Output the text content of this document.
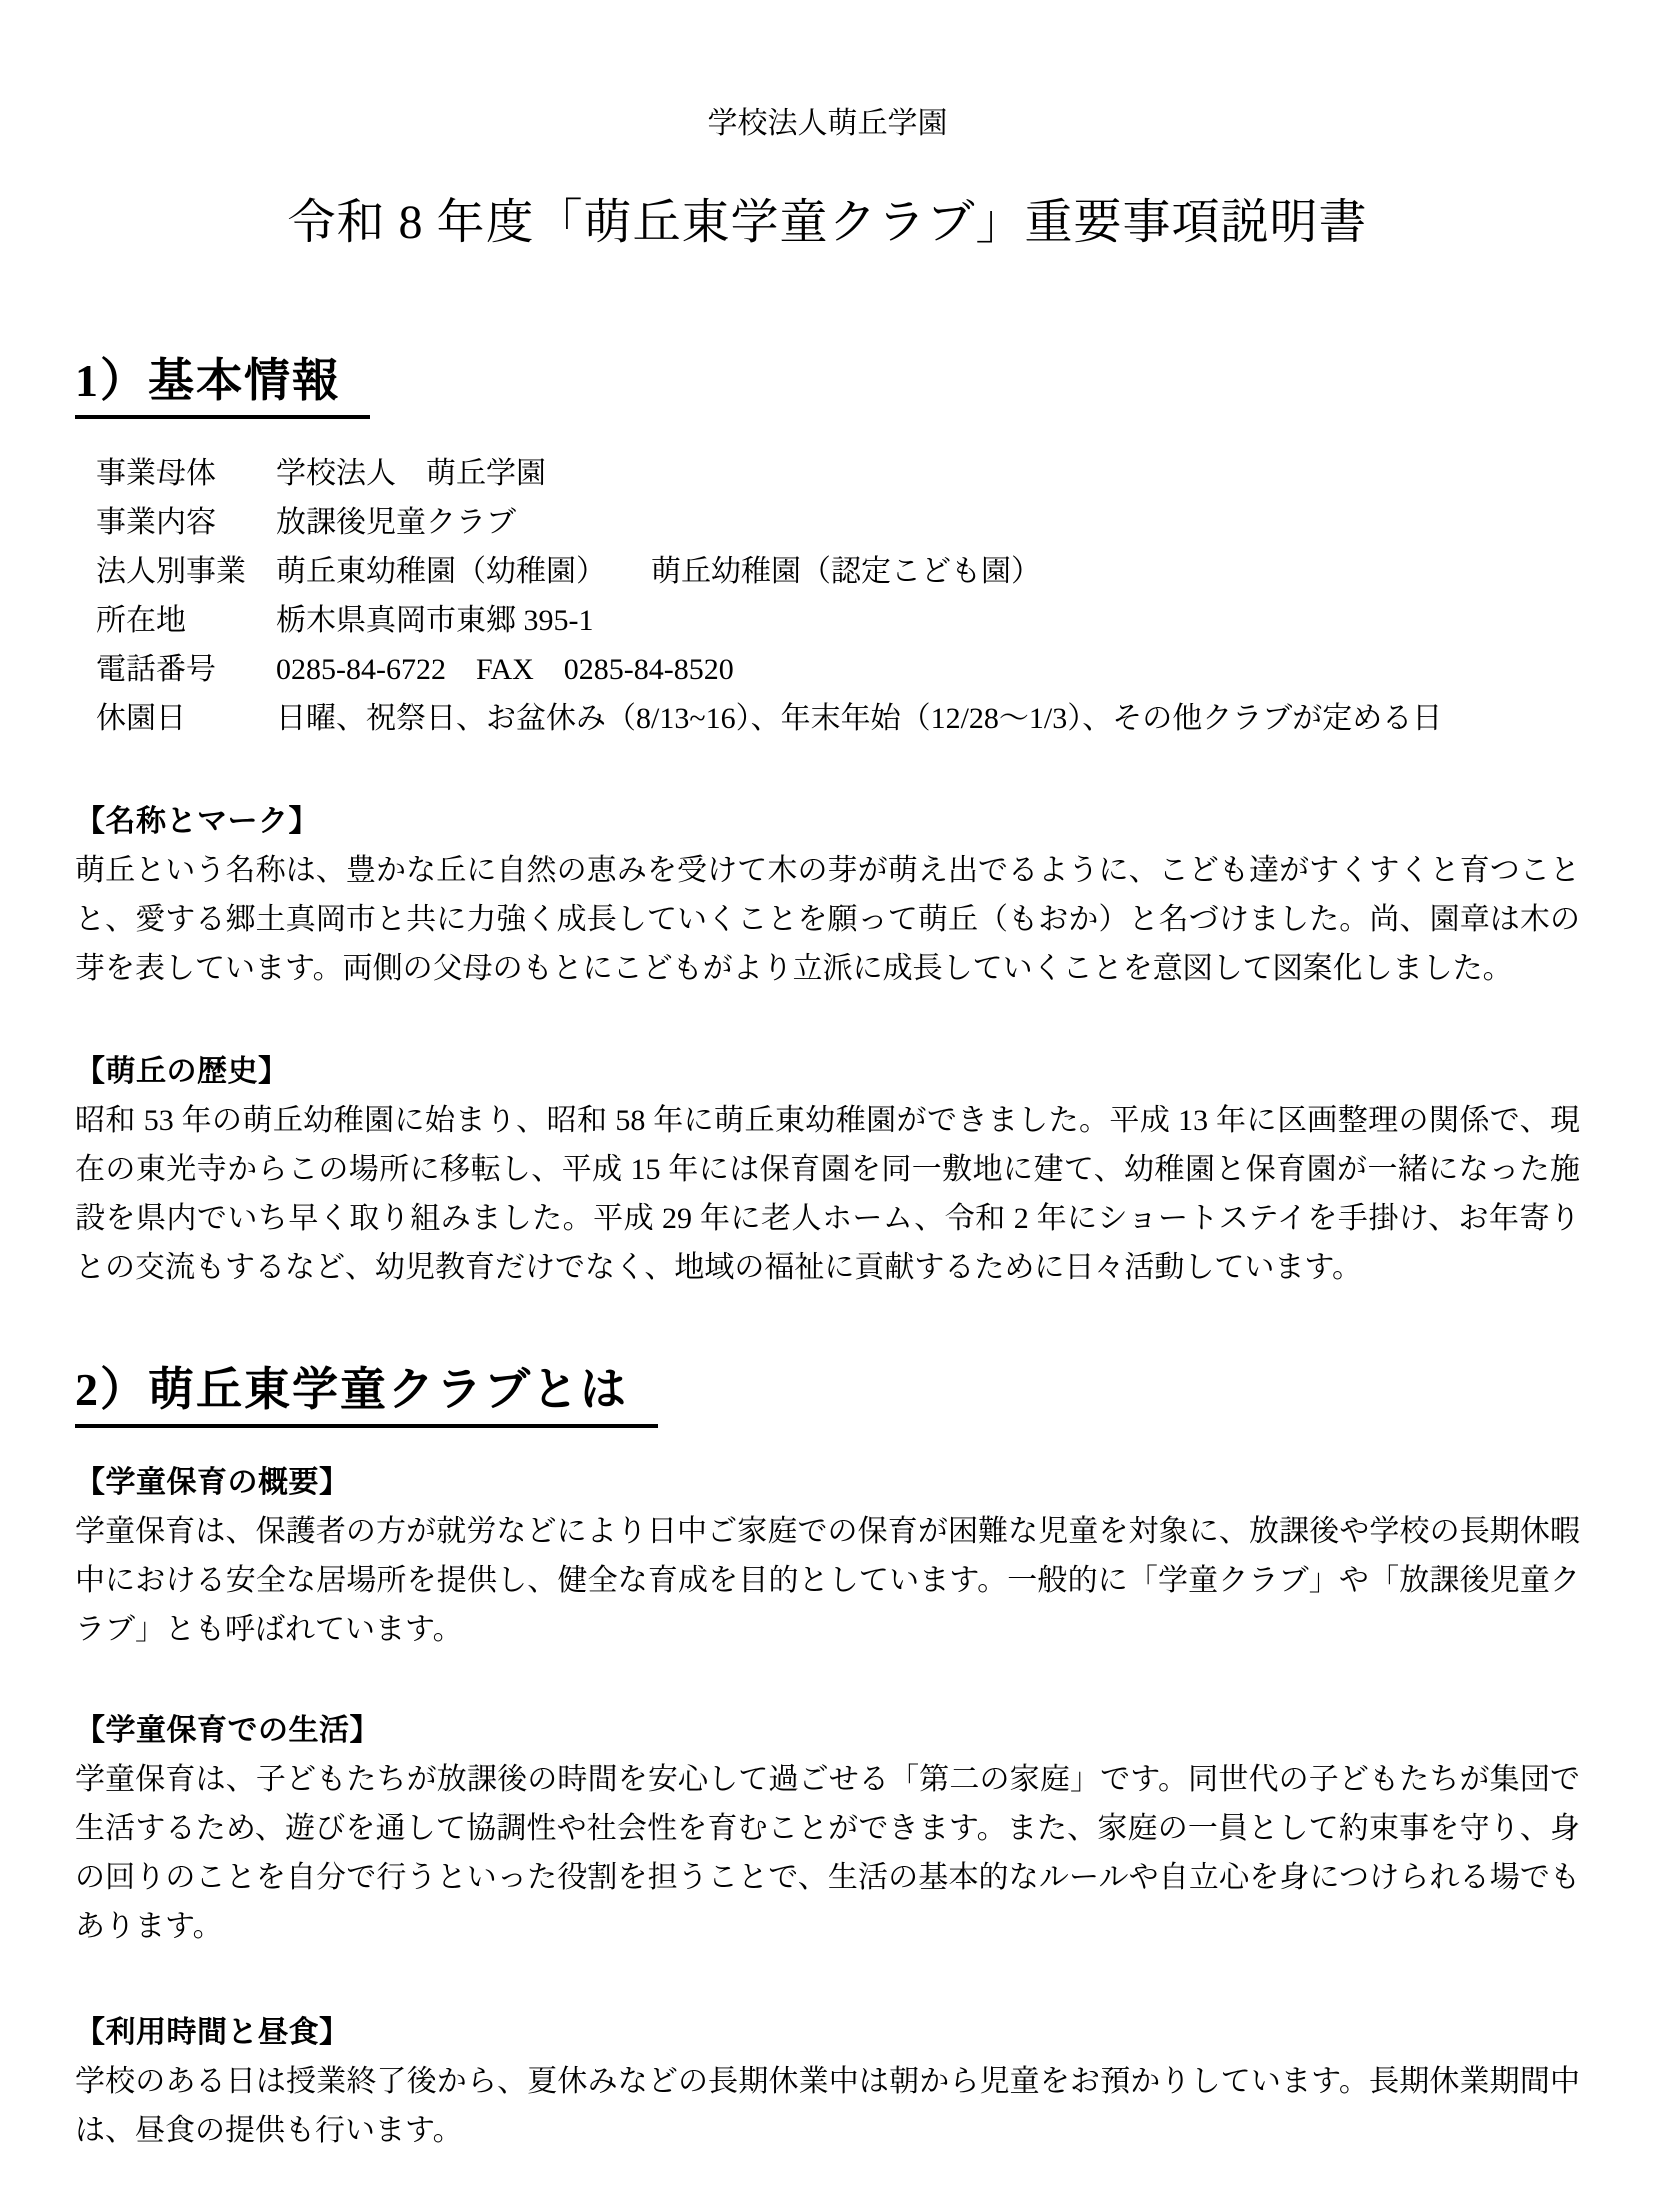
学校法人萌丘学園
令和 8 年度「萌丘東学童クラブ」重要事項説明書
1）基本情報
事業母体	学校法人　萌丘学園
事業内容	放課後児童クラブ
法人別事業	萌丘東幼稚園（幼稚園）　　萌丘幼稚園（認定こども園）
所在地	栃木県真岡市東郷 395-1
電話番号	0285-84-6722　FAX　0285-84-8520
休園日	日曜、祝祭日、お盆休み（8/13~16）、年末年始（12/28～1/3）、その他クラブが定める日
【名称とマーク】

萌丘という名称は、豊かな丘に自然の恵みを受けて木の芽が萌え出でるように、こども達がすくすくと育つことと、愛する郷土真岡市と共に力強く成長していくことを願って萌丘（もおか）と名づけました。尚、園章は木の芽を表しています。両側の父母のもとにこどもがより立派に成長していくことを意図して図案化しました。

【萌丘の歴史】

昭和 53 年の萌丘幼稚園に始まり、昭和 58 年に萌丘東幼稚園ができました。平成 13 年に区画整理の関係で、現在の東光寺からこの場所に移転し、平成 15 年には保育園を同一敷地に建て、幼稚園と保育園が一緒になった施設を県内でいち早く取り組みました。平成 29 年に老人ホーム、令和 2 年にショートステイを手掛け、お年寄りとの交流もするなど、幼児教育だけでなく、地域の福祉に貢献するために日々活動しています。

2）萌丘東学童クラブとは
【学童保育の概要】

学童保育は、保護者の方が就労などにより日中ご家庭での保育が困難な児童を対象に、放課後や学校の長期休暇中における安全な居場所を提供し、健全な育成を目的としています。一般的に「学童クラブ」や「放課後児童クラブ」とも呼ばれています。

【学童保育での生活】

学童保育は、子どもたちが放課後の時間を安心して過ごせる「第二の家庭」です。同世代の子どもたちが集団で生活するため、遊びを通して協調性や社会性を育むことができます。また、家庭の一員として約束事を守り、身の回りのことを自分で行うといった役割を担うことで、生活の基本的なルールや自立心を身につけられる場でもあります。

【利用時間と昼食】

学校のある日は授業終了後から、夏休みなどの長期休業中は朝から児童をお預かりしています。長期休業期間中は、昼食の提供も行います。
